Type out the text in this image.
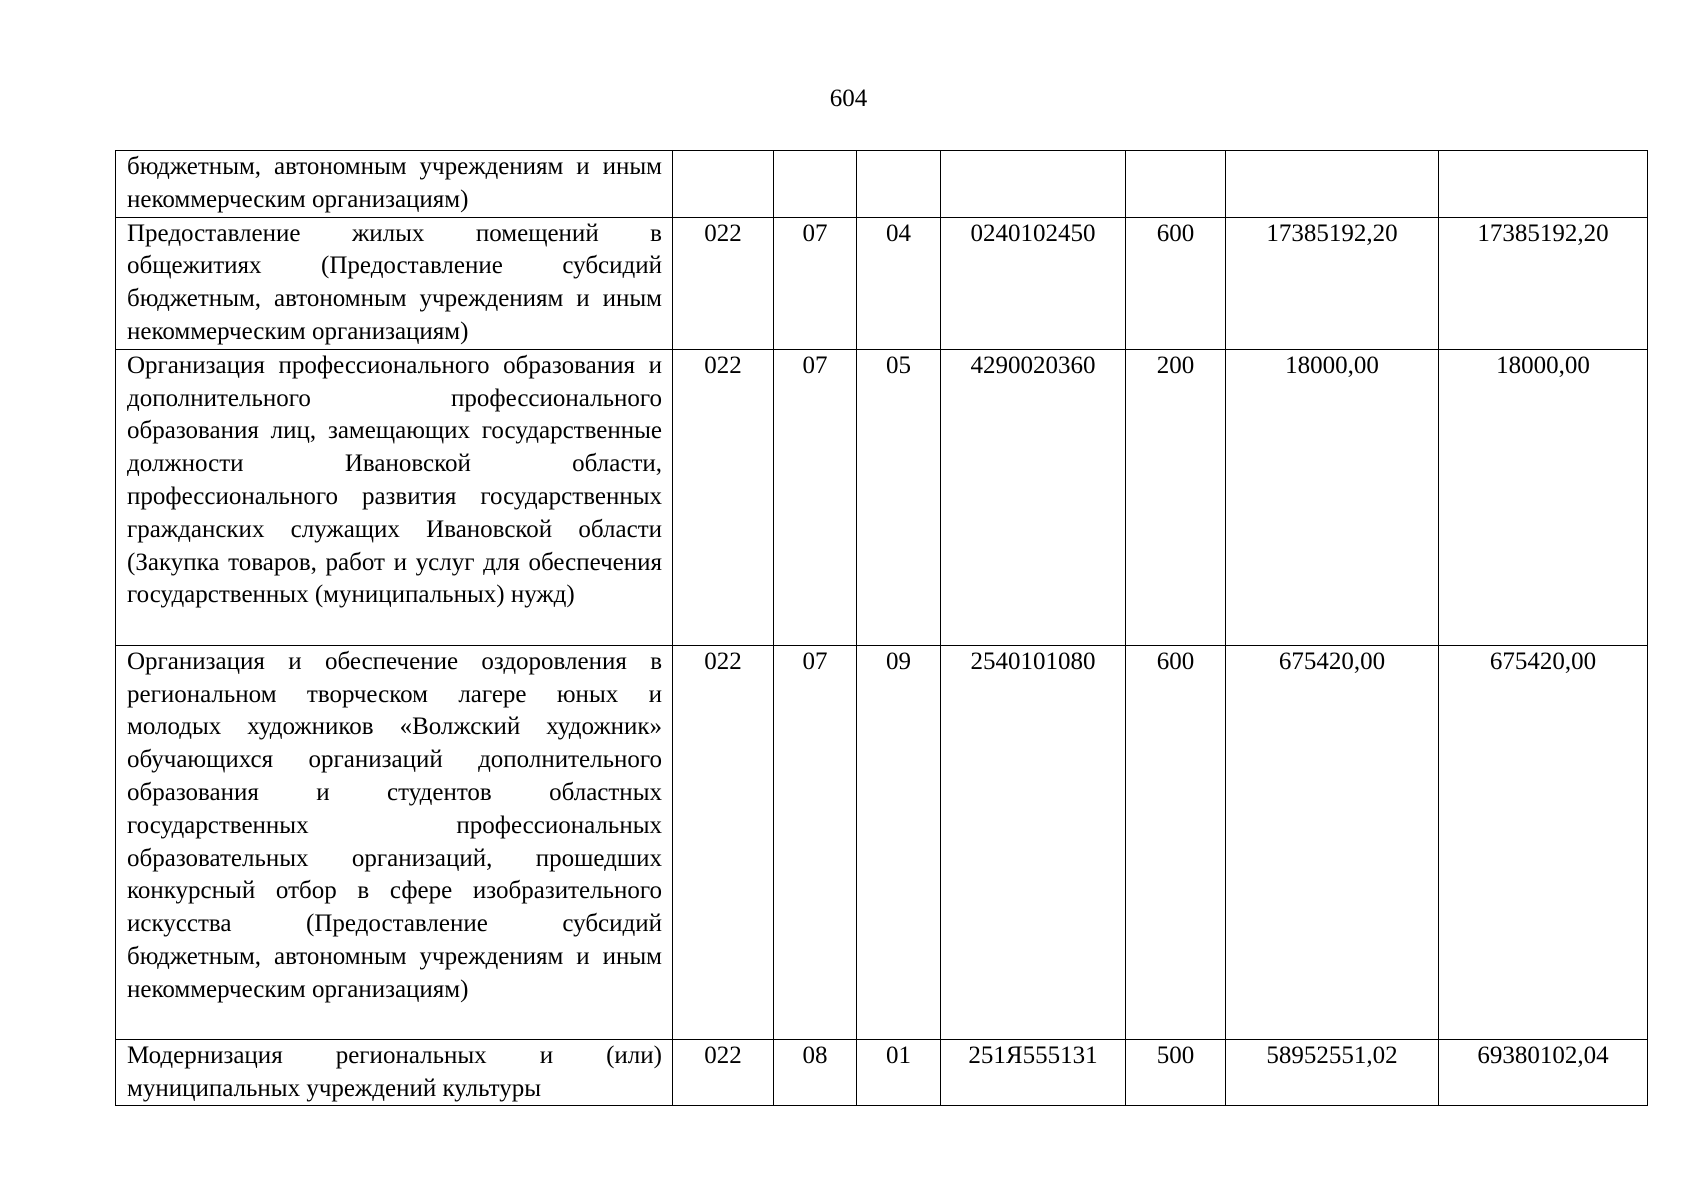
604
бюджетным, автономным учреждениям и иным некоммерческим организациям)							
Предоставление жилых помещений в общежитиях (Предоставление субсидий бюджетным, автономным учреждениям и иным некоммерческим организациям)	022	07	04	0240102450	600	17385192,20	17385192,20
Организация профессионального образования и дополнительного профессионального образования лиц, замещающих государственные должности Ивановской области, профессионального развития государственных гражданских служащих Ивановской области (Закупка товаров, работ и услуг для обеспечения государственных (муниципальных) нужд)	022	07	05	4290020360	200	18000,00	18000,00
Организация и обеспечение оздоровления в региональном творческом лагере юных и молодых художников «Волжский художник» обучающихся организаций дополнительного образования и студентов областных государственных профессиональных образовательных организаций, прошедших конкурсный отбор в сфере изобразительного искусства (Предоставление субсидий бюджетным, автономным учреждениям и иным некоммерческим организациям)	022	07	09	2540101080	600	675420,00	675420,00
Модернизация региональных и (или) муниципальных учреждений культуры	022	08	01	251Я555131	500	58952551,02	69380102,04
